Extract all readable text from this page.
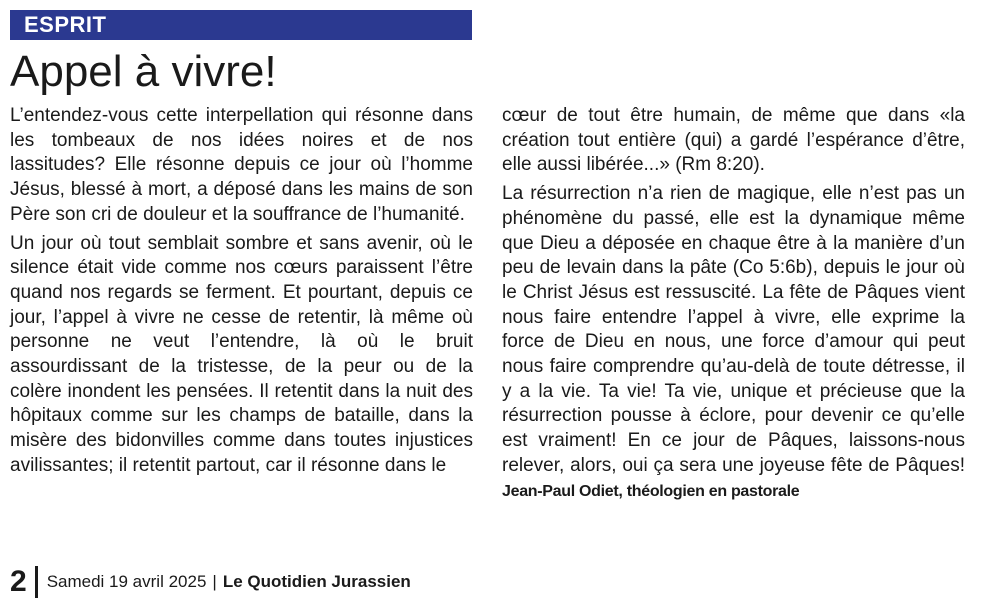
ESPRIT
Appel à vivre!

L’entendez-vous cette interpellation qui résonne dans les tombeaux de nos idées noires et de nos lassitudes? Elle résonne depuis ce jour où l’homme Jésus, blessé à mort, a déposé dans les mains de son Père son cri de douleur et la souffrance de l’humanité.

Un jour où tout semblait sombre et sans avenir, où le silence était vide comme nos cœurs paraissent l’être quand nos regards se ferment. Et pourtant, depuis ce jour, l’appel à vivre ne cesse de retentir, là même où personne ne veut l’entendre, là où le bruit assourdissant de la tristesse, de la peur ou de la colère inondent les pensées. Il retentit dans la nuit des hôpitaux comme sur les champs de bataille, dans la misère des bidonvilles comme dans toutes injustices avilissantes; il retentit partout, car il résonne dans le

cœur de tout être humain, de même que dans «la création tout entière (qui) a gardé l’espérance d’être, elle aussi libérée...» (Rm 8:20).

La résurrection n’a rien de magique, elle n’est pas un phénomène du passé, elle est la dynamique même que Dieu a déposée en chaque être à la manière d’un peu de levain dans la pâte (Co 5:6b), depuis le jour où le Christ Jésus est ressuscité. La fête de Pâques vient nous faire entendre l’appel à vivre, elle exprime la force de Dieu en nous, une force d’amour qui peut nous faire comprendre qu’au-delà de toute détresse, il y a la vie. Ta vie! Ta vie, unique et précieuse que la résurrection pousse à éclore, pour devenir ce qu’elle est vraiment! En ce jour de Pâques, laissons-nous relever, alors, oui ça sera une joyeuse fête de Pâques! Jean-Paul Odiet, théologien en pastorale

2 Samedi 19 avril 2025 | Le Quotidien Jurassien
